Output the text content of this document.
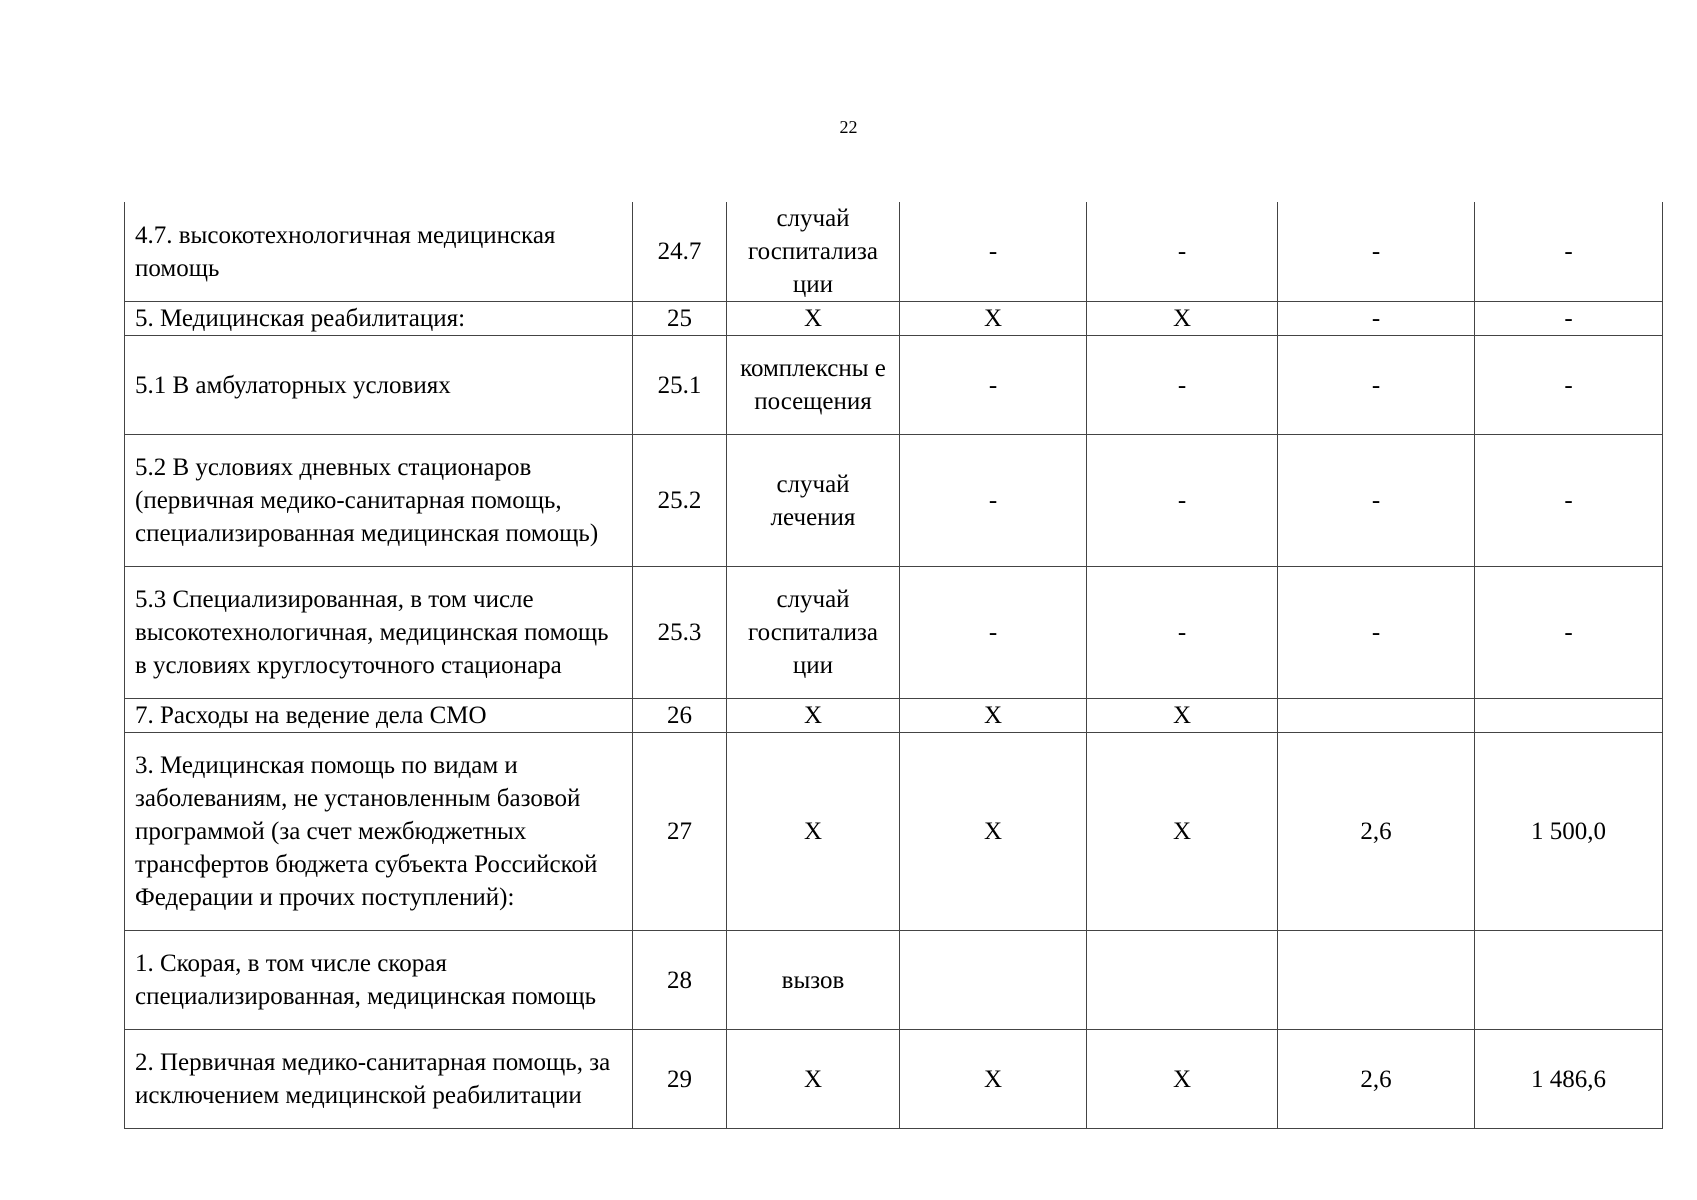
22
4.7. высокотехнологичная медицинская помощь	24.7	случай госпитализа ции	-	-	-	-
5. Медицинская реабилитация:	25	Х	Х	Х	-	-
5.1 В амбулаторных условиях	25.1	комплексны е посещения	-	-	-	-
5.2 В условиях дневных стационаров (первичная медико-санитарная помощь, специализированная медицинская помощь)	25.2	случай лечения	-	-	-	-
5.3 Специализированная, в том числе высокотехнологичная, медицинская помощь в условиях круглосуточного стационара	25.3	случай госпитализа ции	-	-	-	-
7. Расходы на ведение дела СМО	26	Х	Х	Х		
3. Медицинская помощь по видам и заболеваниям, не установленным базовой программой (за счет межбюджетных трансфертов бюджета субъекта Российской Федерации и прочих поступлений):	27	Х	Х	Х	2,6	1 500,0
1. Скорая, в том числе скорая специализированная, медицинская помощь	28	вызов				
2. Первичная медико-санитарная помощь, за исключением медицинской реабилитации	29	Х	Х	Х	2,6	1 486,6
